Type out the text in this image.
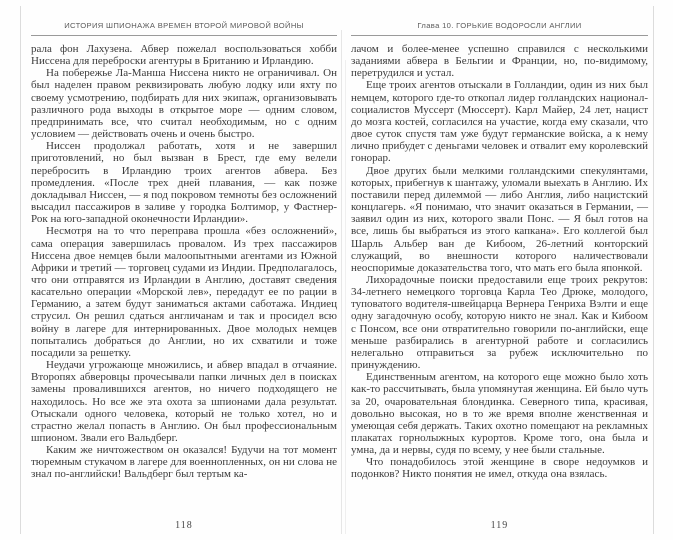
ИСТОРИЯ ШПИОНАЖА ВРЕМЕН ВТОРОЙ МИРОВОЙ ВОЙНЫ
рала фон Лахузена. Абвер пожелал воспользоваться хобби Ниссена для переброски агентуры в Британию и Ирландию.
На побережье Ла-Манша Ниссена никто не ограничивал. Он был наделен правом реквизировать любую лодку или яхту по своему усмотрению, подбирать для них экипаж, организовывать различного рода выходы в открытое море — одним словом, предпринимать все, что считал необходимым, но с одним условием — действовать очень и очень быстро.
Ниссен продолжал работать, хотя и не завершил приготовлений, но был вызван в Брест, где ему велели перебросить в Ирландию троих агентов абвера. Без промедления. «После трех дней плавания, — как позже докладывал Ниссен, — я под покровом темноты без осложнений высадил пассажиров в заливе у городка Болтимор, у Фастнер-Рок на юго-западной оконечности Ирландии».
Несмотря на то что переправа прошла «без осложнений», сама операция завершилась провалом. Из трех пассажиров Ниссена двое немцев были малоопытными агентами из Южной Африки и третий — торговец судами из Индии. Предполагалось, что они отправятся из Ирландии в Англию, доставят сведения касательно операции «Морской лев», передадут ее по рации в Германию, а затем будут заниматься актами саботажа. Индиец струсил. Он решил сдаться англичанам и так и просидел всю войну в лагере для интернированных. Двое молодых немцев попытались добраться до Англии, но их схватили и тоже посадили за решетку.
Неудачи угрожающе множились, и абвер впадал в отчаяние. Второпях абверовцы прочесывали папки личных дел в поисках замены провалившихся агентов, но ничего подходящего не находилось. Но все же эта охота за шпионами дала результат. Отыскали одного человека, который не только хотел, но и страстно желал попасть в Англию. Он был профессиональным шпионом. Звали его Вальдберг.
Каким же ничтожеством он оказался! Будучи на тот момент тюремным стукачом в лагере для военнопленных, он ни слова не знал по-английски! Вальдберг был тертым ка-
118
Глава 10. ГОРЬКИЕ ВОДОРОСЛИ АНГЛИИ
лачом и более-менее успешно справился с несколькими заданиями абвера в Бельгии и Франции, но, по-видимому, перетрудился и устал.
Еще троих агентов отыскали в Голландии, один из них был немцем, которого где-то откопал лидер голландских национал-социалистов Муссерт (Мюссерт). Карл Майер, 24 лет, нацист до мозга костей, согласился на участие, когда ему сказали, что двое суток спустя там уже будут германские войска, а к нему лично прибудет с деньгами человек и отвалит ему королевский гонорар.
Двое других были мелкими голландскими спекулянтами, которых, прибегнув к шантажу, уломали выехать в Англию. Их поставили перед дилеммой — либо Англия, либо нацистский концлагерь. «Я понимаю, что значит оказаться в Германии, — заявил один из них, которого звали Понс. — Я был готов на все, лишь бы выбраться из этого капкана». Его коллегой был Шарль Альбер ван де Кибоом, 26-летний конторский служащий, во внешности которого наличествовали неоспоримые доказательства того, что мать его была японкой.
Лихорадочные поиски предоставили еще троих рекрутов: 34-летнего немецкого торговца Карла Тео Дрюке, молодого, туповатого водителя-швейцарца Вернера Генриха Вэлти и еще одну загадочную особу, которую никто не знал. Как и Кибоом с Понсом, все они отвратительно говорили по-английски, еще меньше разбирались в агентурной работе и согласились нелегально отправиться за рубеж исключительно по принуждению.
Единственным агентом, на которого еще можно было хоть как-то рассчитывать, была упомянутая женщина. Ей было чуть за 20, очаровательная блондинка. Северного типа, красивая, довольно высокая, но в то же время вполне женственная и умеющая себя держать. Таких охотно помещают на рекламных плакатах горнолыжных курортов. Кроме того, она была и умна, да и нервы, судя по всему, у нее были стальные.
Что понадобилось этой женщине в своре недоумков и подонков? Никто понятия не имел, откуда она взялась.
119
